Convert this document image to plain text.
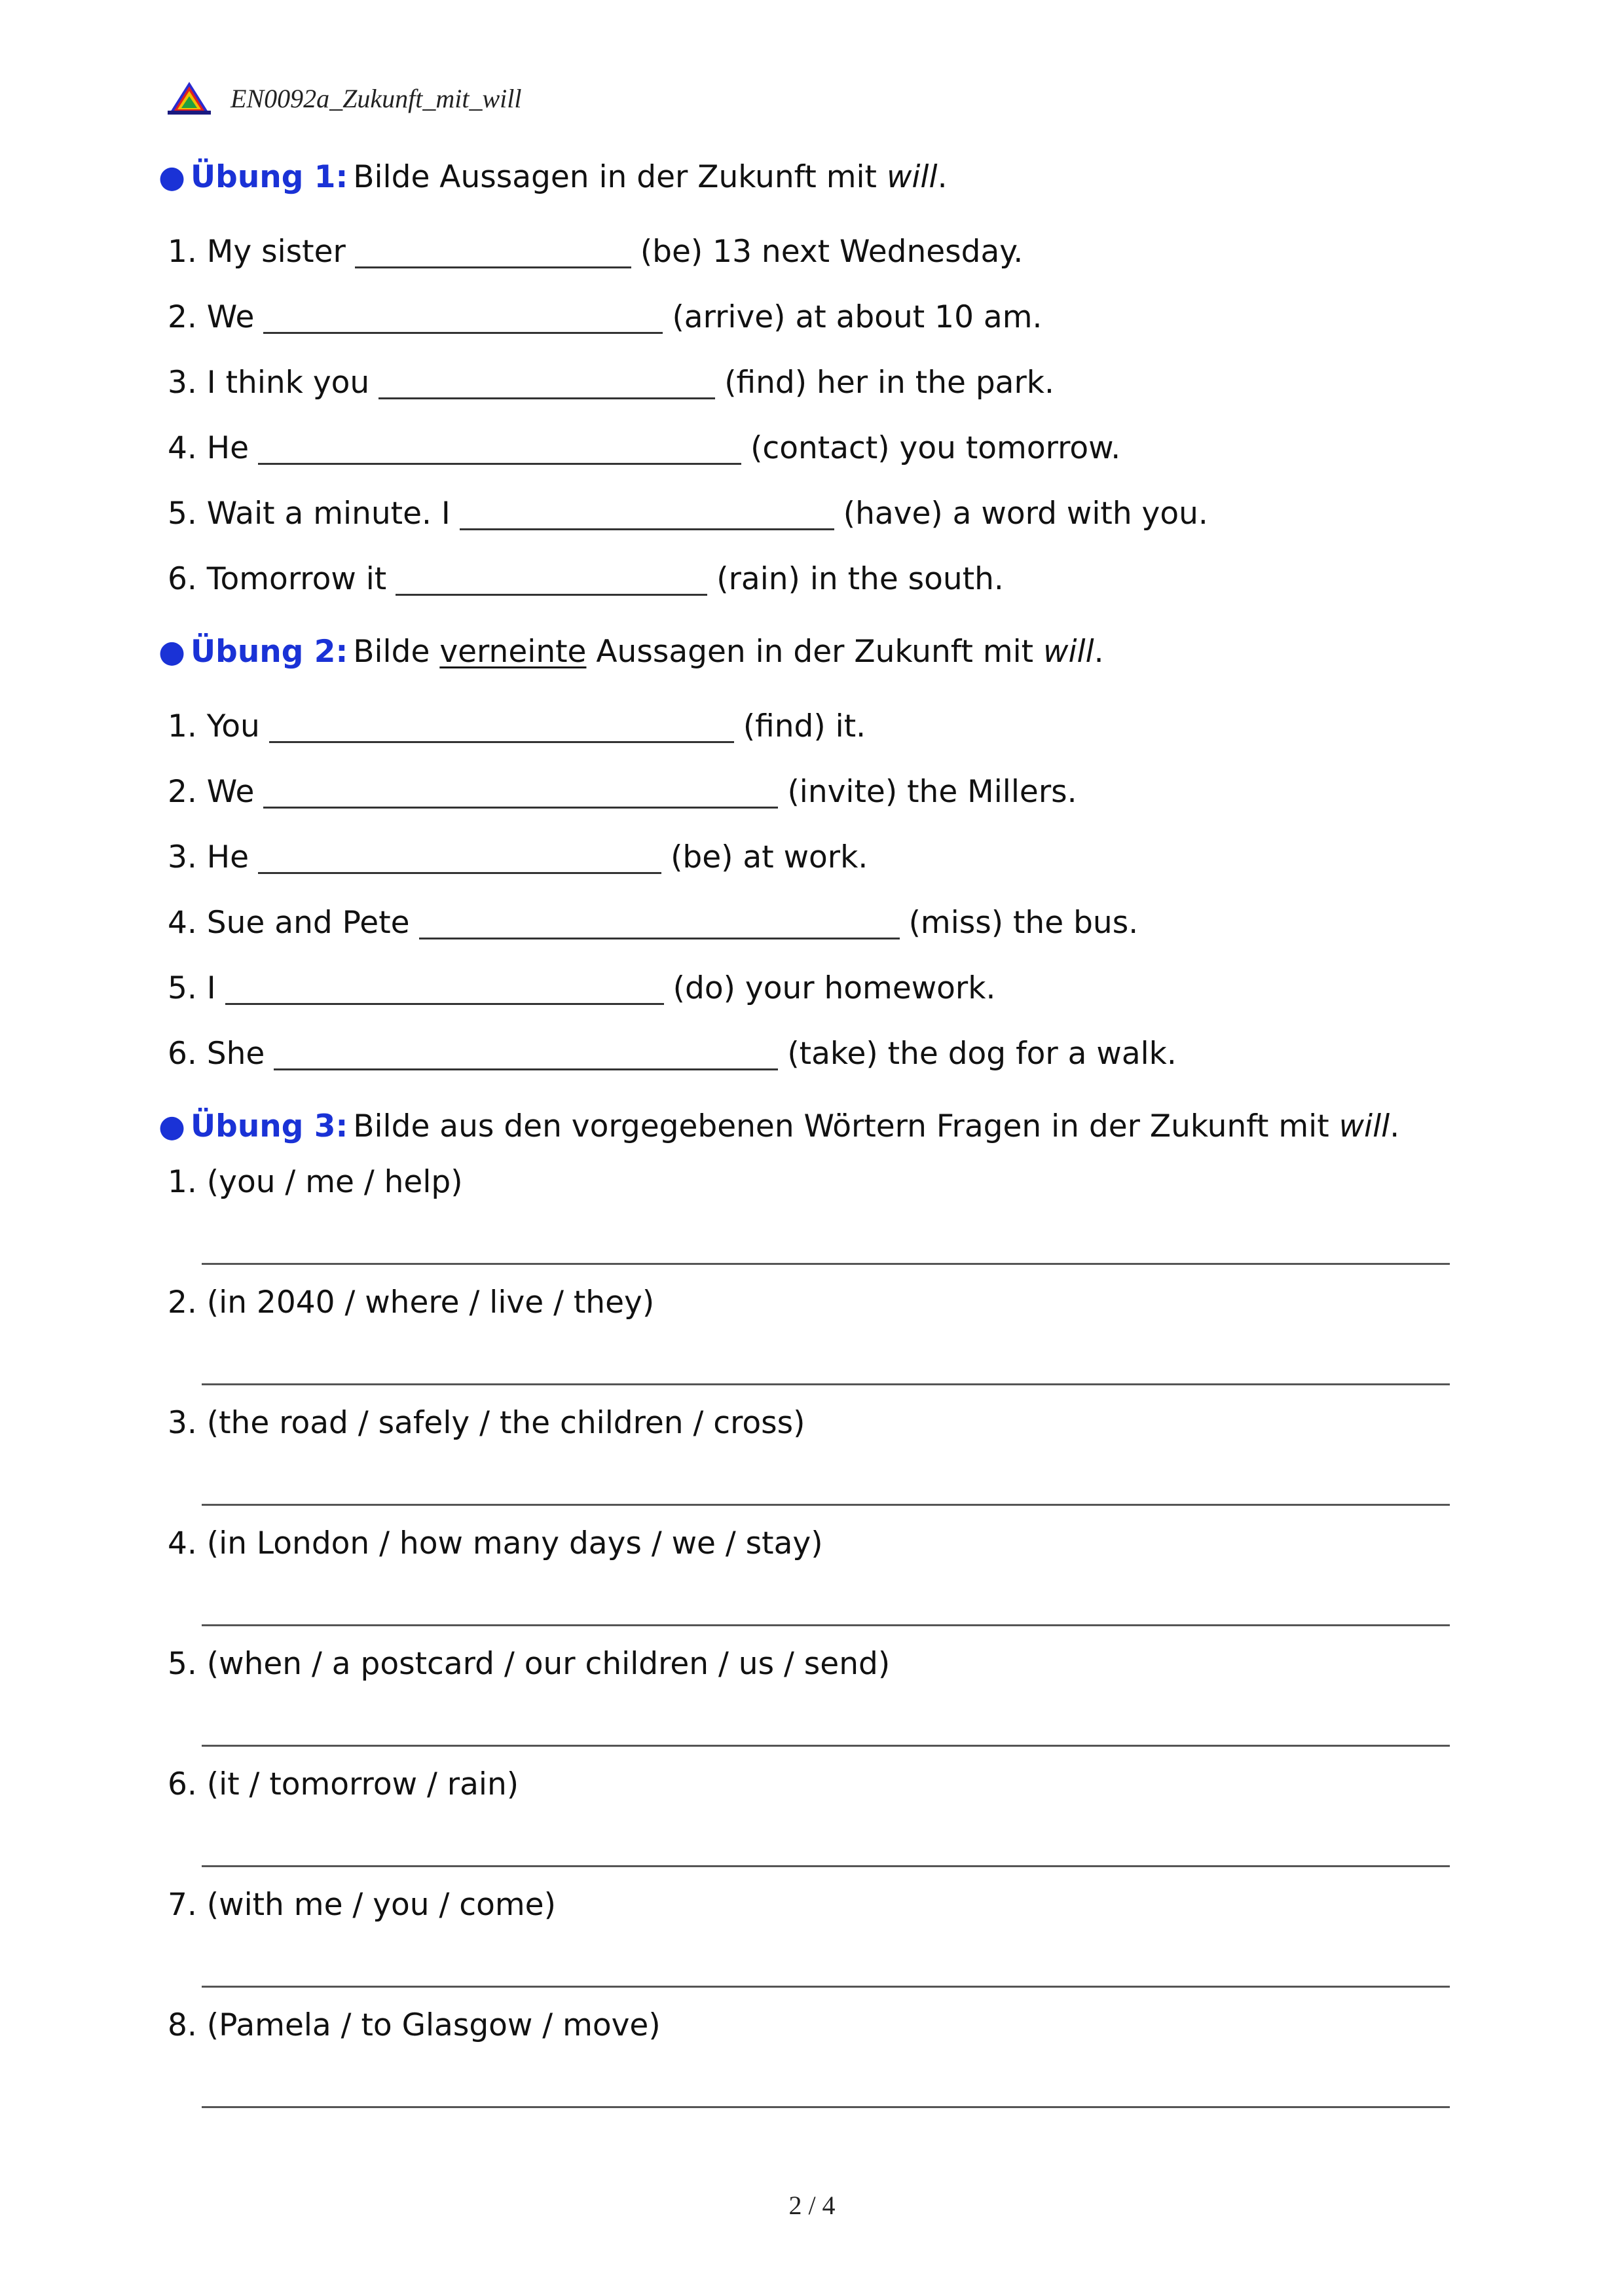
EN0092a_Zukunft_mit_will
● Übung 1: Bilde Aussagen in der Zukunft mit will.
1.
My sister	(be) 13 next Wednesday.
2.
We	(arrive) at about 10 am.
3.
I think you	(find) her in the park.
4.
He	(contact) you tomorrow.
5.
Wait a minute. I	(have) a word with you.
6.
Tomorrow it	(rain) in the south.
● Übung 2: Bilde verneinte Aussagen in der Zukunft mit will.
1.
You	(find) it.
2.
We	(invite) the Millers.
3.
He	(be) at work.
4.
Sue and Pete	(miss) the bus.
5.
I	(do) your homework.
6.
She	(take) the dog for a walk.
● Übung 3: Bilde aus den vorgegebenen Wörtern Fragen in der Zukunft mit will.
1. (you / me / help)
2. (in 2040 / where / live / they)
3. (the road / safely / the children / cross)
4. (in London / how many days / we / stay)
5. (when / a postcard / our children / us / send)
6. (it / tomorrow / rain)
7. (with me / you / come)
8. (Pamela / to Glasgow / move)
2 / 4
